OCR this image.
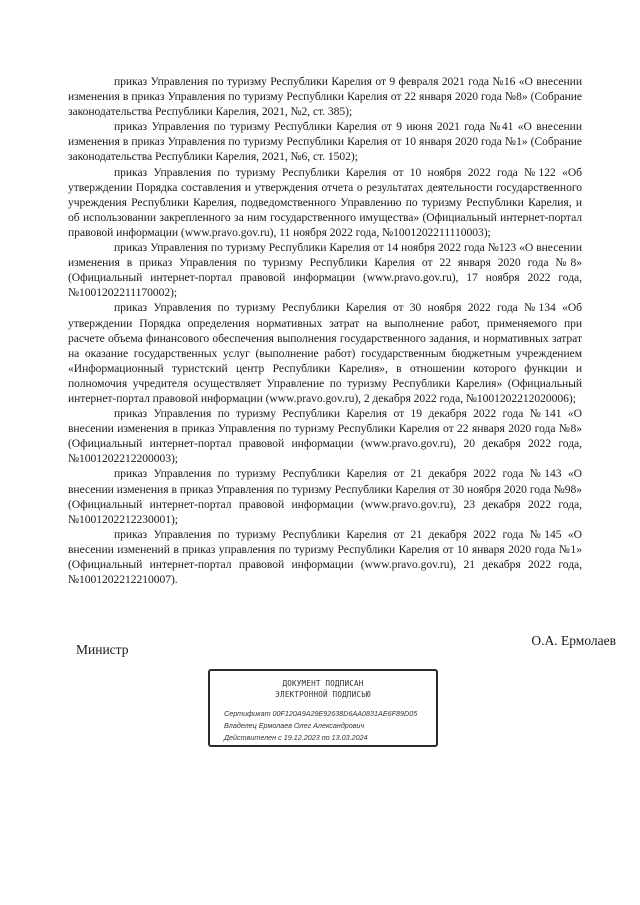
приказ Управления по туризму Республики Карелия от 9 февраля 2021 года №16 «О внесении изменения в приказ Управления по туризму Республики Карелия от 22 января 2020 года №8» (Собрание законодательства Республики Карелия, 2021, №2, ст. 385);

приказ Управления по туризму Республики Карелия от 9 июня 2021 года №41 «О внесении изменения в приказ Управления по туризму Республики Карелия от 10 января 2020 года №1» (Собрание законодательства Республики Карелия, 2021, №6, ст. 1502);

приказ Управления по туризму Республики Карелия от 10 ноября 2022 года №122 «Об утверждении Порядка составления и утверждения отчета о результатах деятельности государственного учреждения Республики Карелия, подведомственного Управлению по туризму Республики Карелия, и об использовании закрепленного за ним государственного имущества» (Официальный интернет-портал правовой информации (www.pravo.gov.ru), 11 ноября 2022 года, №1001202211110003);

приказ Управления по туризму Республики Карелия от 14 ноября 2022 года №123 «О внесении изменения в приказ Управления по туризму Республики Карелия от 22 января 2020 года №8» (Официальный интернет-портал правовой информации (www.pravo.gov.ru), 17 ноября 2022 года, №1001202211170002);

приказ Управления по туризму Республики Карелия от 30 ноября 2022 года №134 «Об утверждении Порядка определения нормативных затрат на выполнение работ, применяемого при расчете объема финансового обеспечения выполнения государственного задания, и нормативных затрат на оказание государственных услуг (выполнение работ) государственным бюджетным учреждением «Информационный туристский центр Республики Карелия», в отношении которого функции и полномочия учредителя осуществляет Управление по туризму Республики Карелия» (Официальный интернет-портал правовой информации (www.pravo.gov.ru), 2 декабря 2022 года, №1001202212020006);

приказ Управления по туризму Республики Карелия от 19 декабря 2022 года №141 «О внесении изменения в приказ Управления по туризму Республики Карелия от 22 января 2020 года №8» (Официальный интернет-портал правовой информации (www.pravo.gov.ru), 20 декабря 2022 года, №1001202212200003);

приказ Управления по туризму Республики Карелия от 21 декабря 2022 года №143 «О внесении изменения в приказ Управления по туризму Республики Карелия от 30 ноября 2020 года №98» (Официальный интернет-портал правовой информации (www.pravo.gov.ru), 23 декабря 2022 года, №1001202212230001);

приказ Управления по туризму Республики Карелия от 21 декабря 2022 года №145 «О внесении изменений в приказ управления по туризму Республики Карелия от 10 января 2020 года №1» (Официальный интернет-портал правовой информации (www.pravo.gov.ru), 21 декабря 2022 года, №1001202212210007).

Министр
О.А. Ермолаев
ДОКУМЕНТ ПОДПИСАН
ЭЛЕКТРОННОЙ ПОДПИСЬЮ
Сертификат 00F120A9A29E92638D6AA0831AE6F89D05
Владелец Ермолаев Олег Александрович
Действителен с 19.12.2023 по 13.03.2024
